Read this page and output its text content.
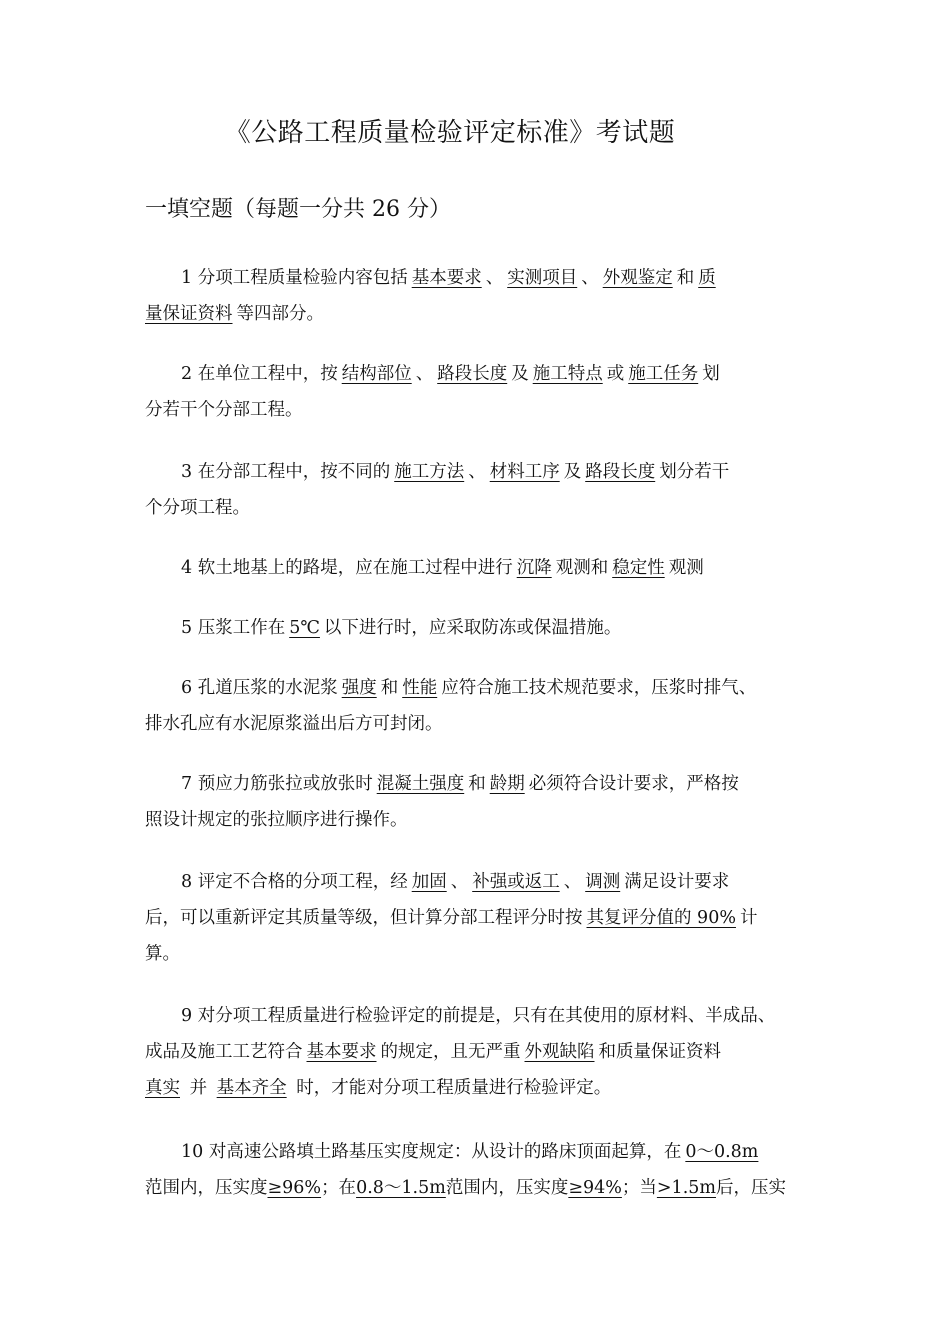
《公路工程质量检验评定标准》考试题
一填空题（每题一分共 26 分）
1 分项工程质量检验内容包括 基本要求 、 实测项目 、 外观鉴定 和 质
量保证资料 等四部分。
2 在单位工程中，按 结构部位 、 路段长度 及 施工特点 或 施工任务 划
分若干个分部工程。
3 在分部工程中，按不同的 施工方法 、 材料工序 及 路段长度 划分若干
个分项工程。
4 软土地基上的路堤，应在施工过程中进行 沉降 观测和 稳定性 观测
5 压浆工作在 5℃ 以下进行时，应采取防冻或保温措施。
6 孔道压浆的水泥浆 强度 和 性能 应符合施工技术规范要求，压浆时排气、
排水孔应有水泥原浆溢出后方可封闭。
7 预应力筋张拉或放张时 混凝土强度 和 龄期 必须符合设计要求，严格按
照设计规定的张拉顺序进行操作。
8 评定不合格的分项工程，经 加固 、 补强或返工 、 调测 满足设计要求
后，可以重新评定其质量等级，但计算分部工程评分时按 其复评分值的 90% 计
算。
9 对分项工程质量进行检验评定的前提是，只有在其使用的原材料、半成品、
成品及施工工艺符合 基本要求 的规定，且无严重 外观缺陷 和质量保证资料
真实 并 基本齐全 时，才能对分项工程质量进行检验评定。
10 对高速公路填土路基压实度规定：从设计的路床顶面起算，在 0～0.8m
范围内，压实度≥96%；在0.8～1.5m范围内，压实度≥94%；当>1.5m后，压实
